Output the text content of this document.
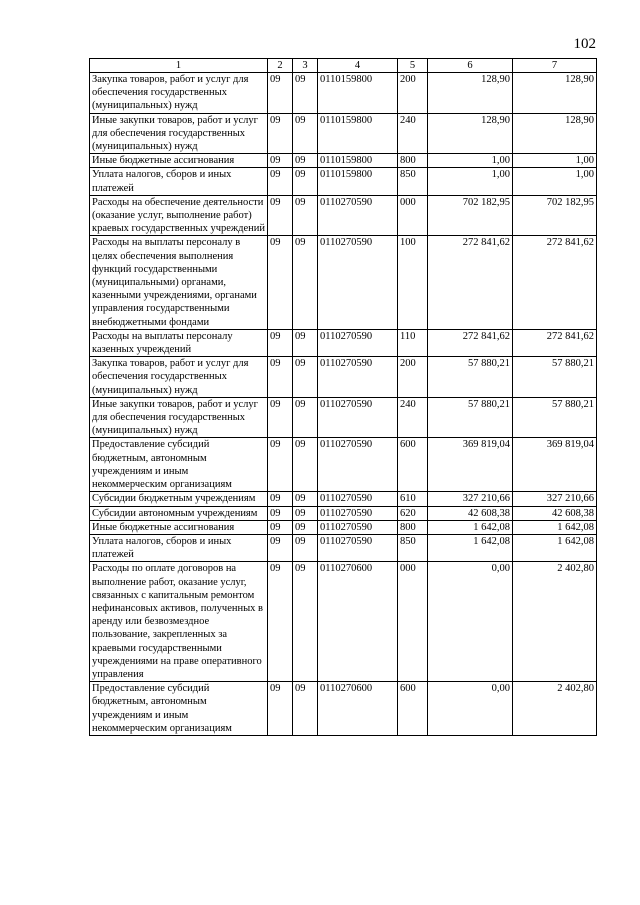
102
1	2	3	4	5	6	7
Закупка товаров, работ и услуг для обеспечения государственных (муниципальных) нужд	09	09	0110159800	200	128,90	128,90
Иные закупки товаров, работ и услуг для обеспечения государственных (муниципальных) нужд	09	09	0110159800	240	128,90	128,90
Иные бюджетные ассигнования	09	09	0110159800	800	1,00	1,00
Уплата налогов, сборов и иных платежей	09	09	0110159800	850	1,00	1,00
Расходы на обеспечение деятельности (оказание услуг, выполнение работ) краевых государственных учреждений	09	09	0110270590	000	702 182,95	702 182,95
Расходы на выплаты персоналу в целях обеспечения выполнения функций государственными (муниципальными) органами, казенными учреждениями, органами управления государственными внебюджетными фондами	09	09	0110270590	100	272 841,62	272 841,62
Расходы на выплаты персоналу казенных учреждений	09	09	0110270590	110	272 841,62	272 841,62
Закупка товаров, работ и услуг для обеспечения государственных (муниципальных) нужд	09	09	0110270590	200	57 880,21	57 880,21
Иные закупки товаров, работ и услуг для обеспечения государственных (муниципальных) нужд	09	09	0110270590	240	57 880,21	57 880,21
Предоставление субсидий бюджетным, автономным учреждениям и иным некоммерческим организациям	09	09	0110270590	600	369 819,04	369 819,04
Субсидии бюджетным учреждениям	09	09	0110270590	610	327 210,66	327 210,66
Субсидии автономным учреждениям	09	09	0110270590	620	42 608,38	42 608,38
Иные бюджетные ассигнования	09	09	0110270590	800	1 642,08	1 642,08
Уплата налогов, сборов и иных платежей	09	09	0110270590	850	1 642,08	1 642,08
Расходы по оплате договоров на выполнение работ, оказание услуг, связанных с капитальным ремонтом нефинансовых активов, полученных в аренду или безвозмездное пользование, закрепленных за краевыми государственными учреждениями на праве оперативного управления	09	09	0110270600	000	0,00	2 402,80
Предоставление субсидий бюджетным, автономным учреждениям и иным некоммерческим организациям	09	09	0110270600	600	0,00	2 402,80
